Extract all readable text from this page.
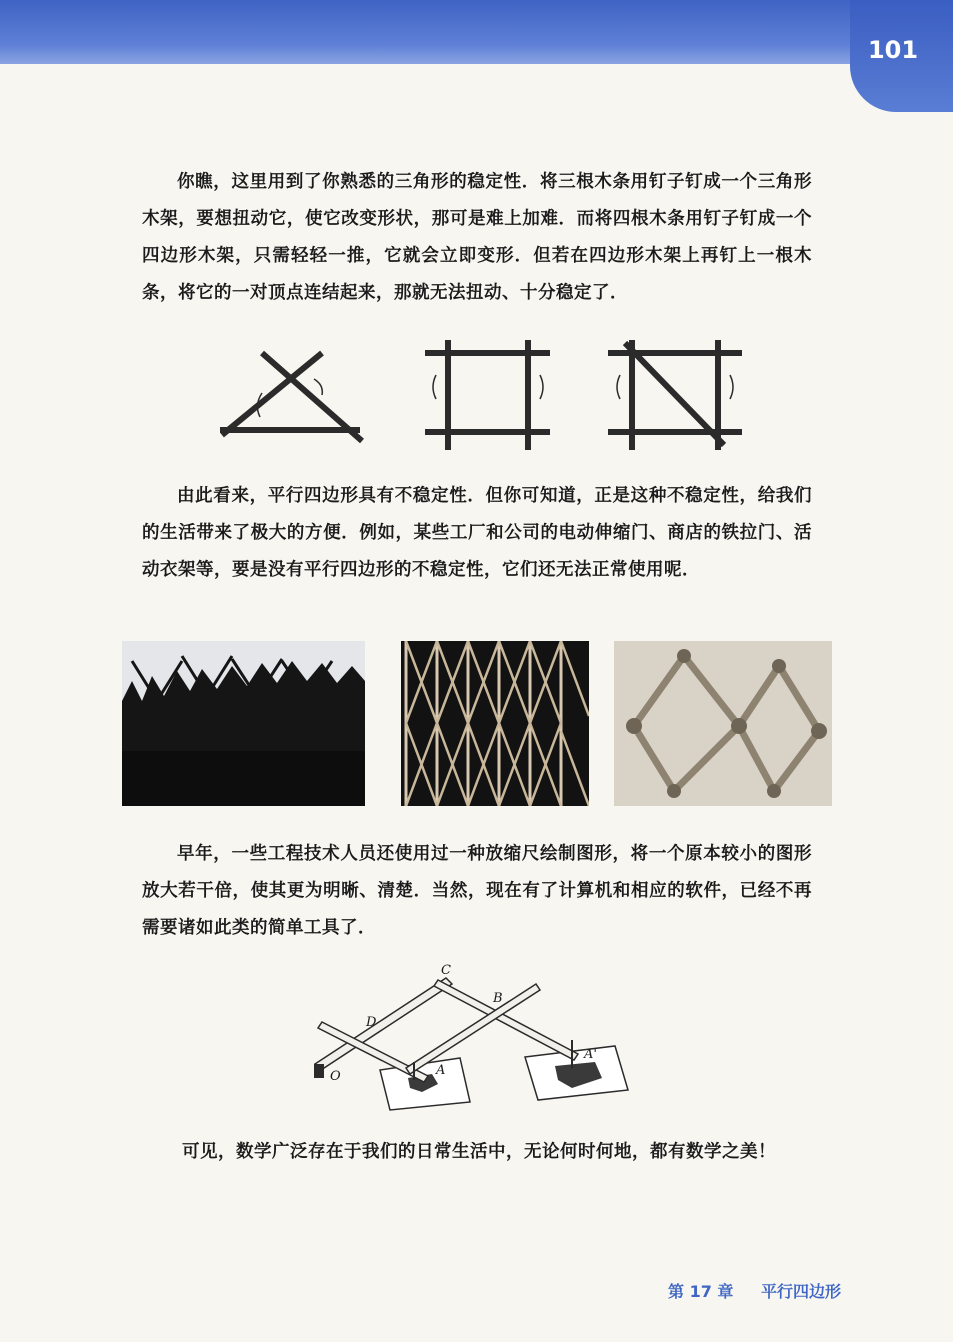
101

你瞧，这里用到了你熟悉的三角形的稳定性．将三根木条用钉子钉成一个三角形木架，要想扭动它，使它改变形状，那可是难上加难．而将四根木条用钉子钉成一个四边形木架，只需轻轻一推，它就会立即变形．但若在四边形木架上再钉上一根木条，将它的一对顶点连结起来，那就无法扭动、十分稳定了．

由此看来，平行四边形具有不稳定性．但你可知道，正是这种不稳定性，给我们的生活带来了极大的方便．例如，某些工厂和公司的电动伸缩门、商店的铁拉门、活动衣架等，要是没有平行四边形的不稳定性，它们还无法正常使用呢．

早年，一些工程技术人员还使用过一种放缩尺绘制图形，将一个原本较小的图形放大若干倍，使其更为明晰、清楚．当然，现在有了计算机和相应的软件，已经不再需要诸如此类的简单工具了．

C
B
D
O	A
A'

可见，数学广泛存在于我们的日常生活中，无论何时何地，都有数学之美！

第 17 章 平行四边形
